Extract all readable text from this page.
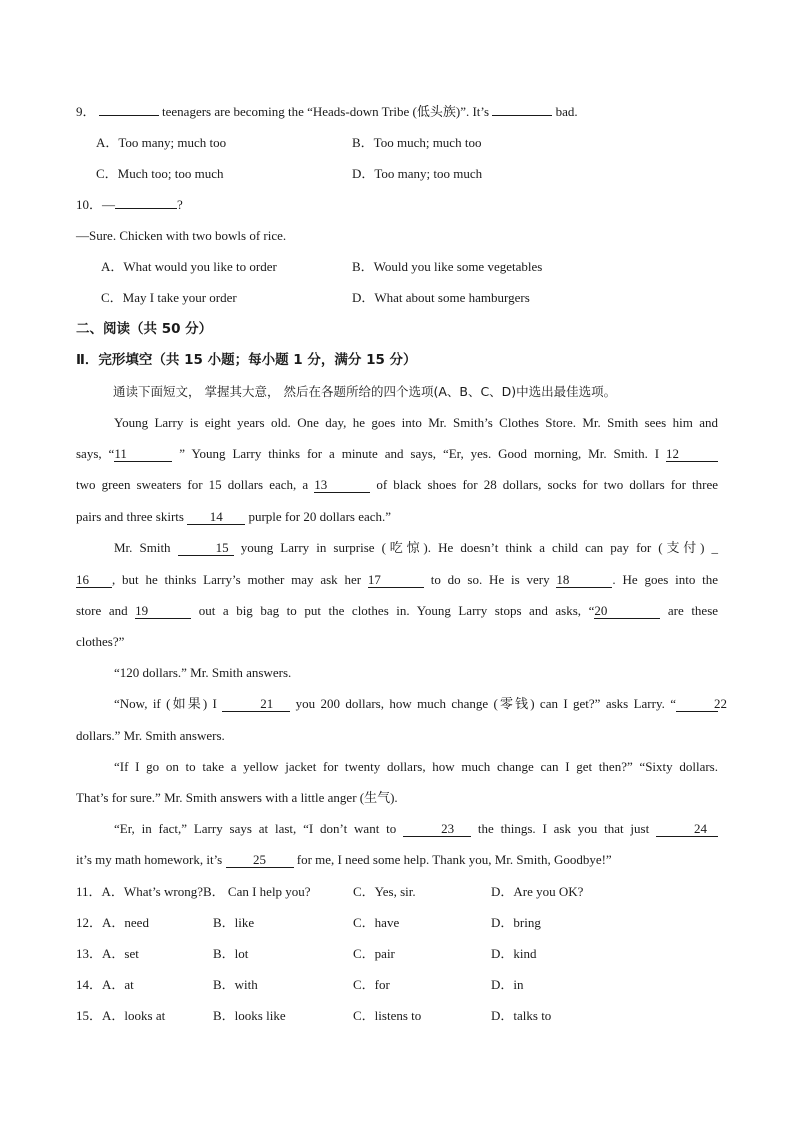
9．	teenagers are becoming the “Heads-down Tribe (低头族)”. It’s	bad.
A．Too many; much too	B．Too much; much too
C．Much too; too much	D．Too many; too much
10．—	?
—Sure. Chicken with two bowls of rice.
A．What would you like to order	B．Would you like some vegetables
C．May I take your order	D．What about some hamburgers
二、阅读（共 50 分）
Ⅱ．完形填空（共 15 小题；每小题 1 分，满分 15 分）
通读下面短文， 掌握其大意， 然后在各题所给的四个选项(A、B、C、D)中选出最佳选项。
Young Larry is eight years old. One day, he goes into Mr. Smith’s Clothes Store. Mr. Smith sees him and
says, “11	” Young Larry thinks for a minute and says, “Er, yes. Good morning, Mr. Smith. I 12
two green sweaters for 15 dollars each, a 13	of black shoes for 28 dollars, socks for two dollars for three
pairs and three skirts 14 purple for 20 dollars each.”
Mr. Smith	15 young Larry in surprise (吃惊). He doesn’t think a child can pay for (支付) _
16 , but he thinks Larry’s mother may ask her 17	to do so. He is very 18	. He goes into the
store and 19	out a big bag to put the clothes in. Young Larry stops and asks, “20	are these
clothes?”
“120 dollars.” Mr. Smith answers.
“Now, if (如果) I	21 you 200 dollars, how much change (零钱) can I get?” asks Larry. “	22
dollars.” Mr. Smith answers.
“If I go on to take a yellow jacket for twenty dollars, how much change can I get then?” “Sixty dollars.
That’s for sure.” Mr. Smith answers with a little anger (生气).
“Er, in fact,” Larry says at last, “I don’t want to	23 the things. I ask you that just	24
it’s my math homework, it’s 25 for me, I need some help. Thank you, Mr. Smith, Goodbye!”
11．A．What’s wrong?B． Can I help you?	C．Yes, sir.	D．Are you OK?
12．A．need	B．like	C．have	D．bring
13．A．set	B．lot	C．pair	D．kind
14．A．at	B．with	C．for	D．in
15．A．looks at	B．looks like	C．listens to	D．talks to
